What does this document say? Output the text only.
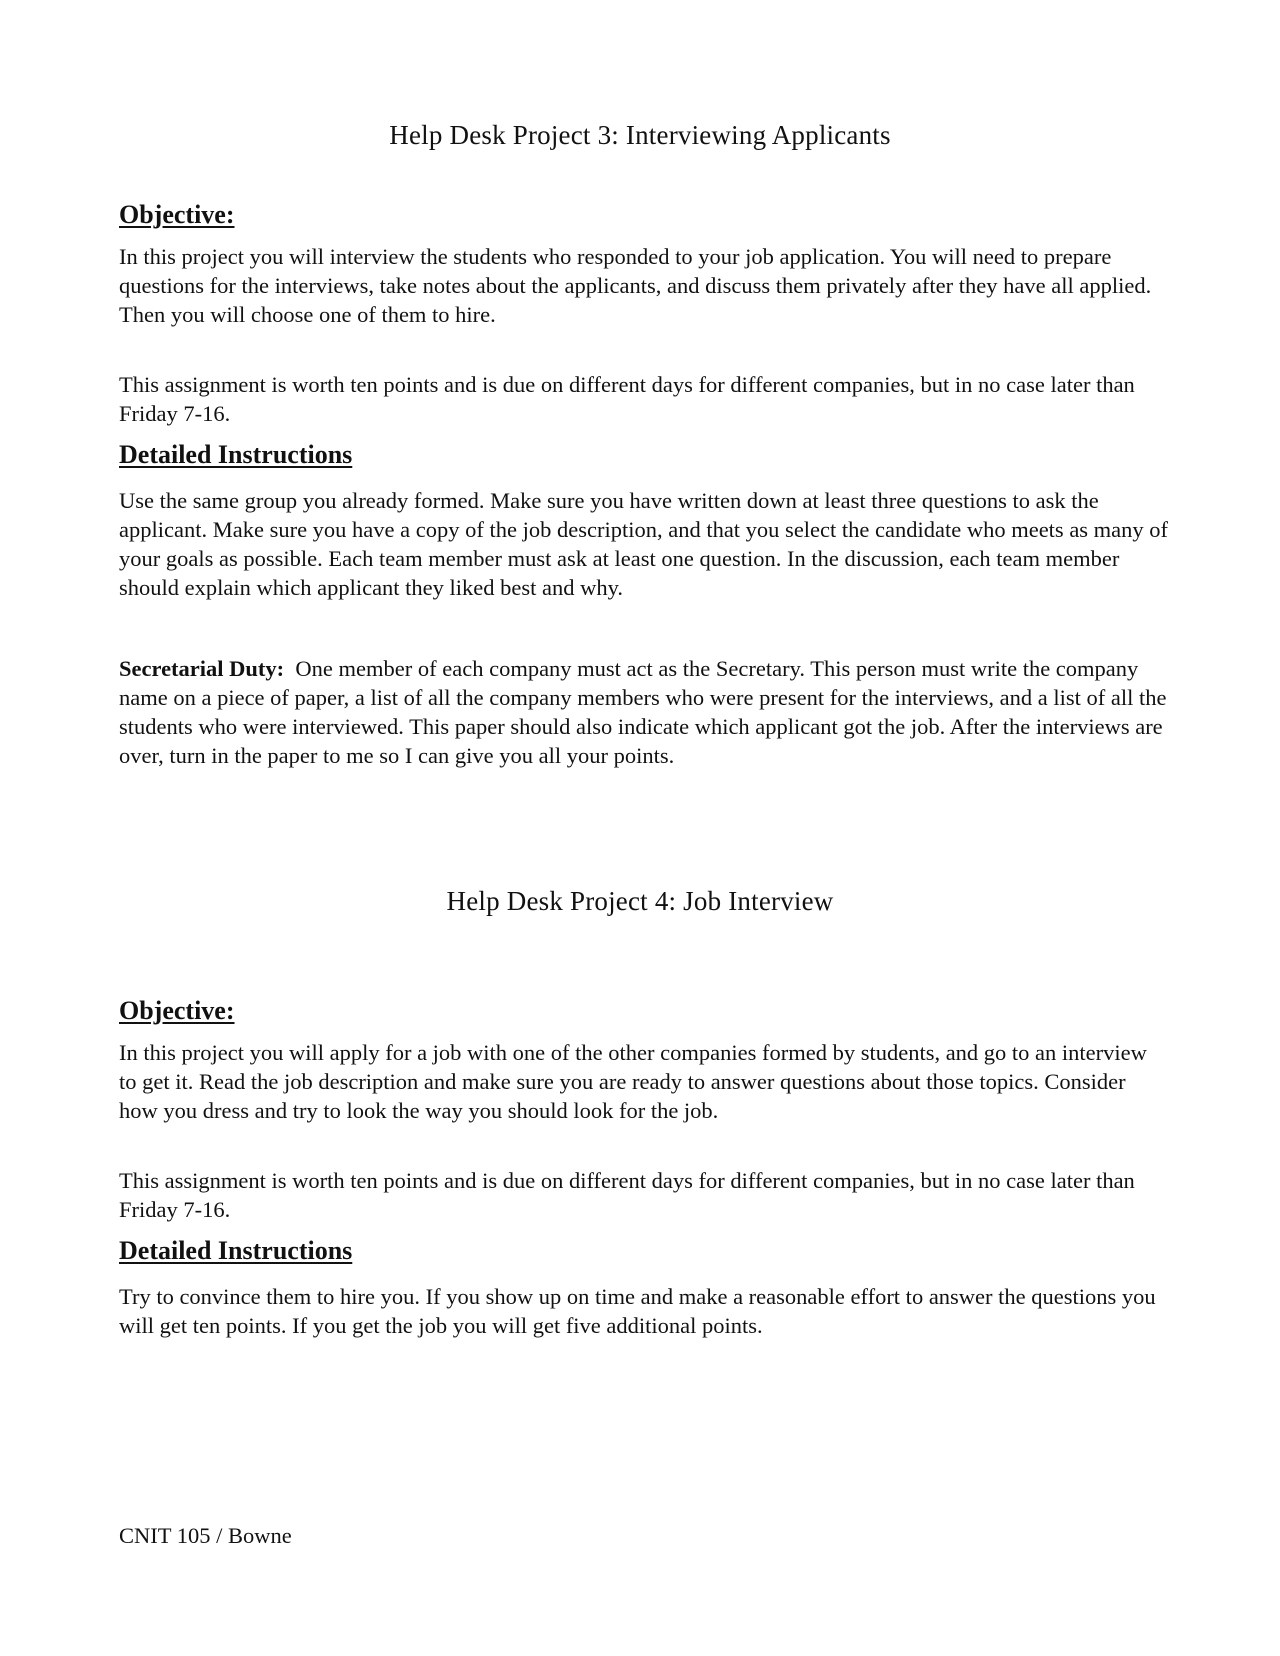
Help Desk Project 3: Interviewing Applicants
Objective:

In this project you will interview the students who responded to your job application. You will need to prepare questions for the interviews, take notes about the applicants, and discuss them privately after they have all applied. Then you will choose one of them to hire.

This assignment is worth ten points and is due on different days for different companies, but in no case later than Friday 7-16.

Detailed Instructions

Use the same group you already formed. Make sure you have written down at least three questions to ask the applicant. Make sure you have a copy of the job description, and that you select the candidate who meets as many of your goals as possible. Each team member must ask at least one question. In the discussion, each team member should explain which applicant they liked best and why.

Secretarial Duty: One member of each company must act as the Secretary. This person must write the company name on a piece of paper, a list of all the company members who were present for the interviews, and a list of all the students who were interviewed. This paper should also indicate which applicant got the job. After the interviews are over, turn in the paper to me so I can give you all your points.

Help Desk Project 4: Job Interview
Objective:

In this project you will apply for a job with one of the other companies formed by students, and go to an interview to get it. Read the job description and make sure you are ready to answer questions about those topics. Consider how you dress and try to look the way you should look for the job.

This assignment is worth ten points and is due on different days for different companies, but in no case later than Friday 7-16.

Detailed Instructions

Try to convince them to hire you. If you show up on time and make a reasonable effort to answer the questions you will get ten points. If you get the job you will get five additional points.

CNIT 105 / Bowne
